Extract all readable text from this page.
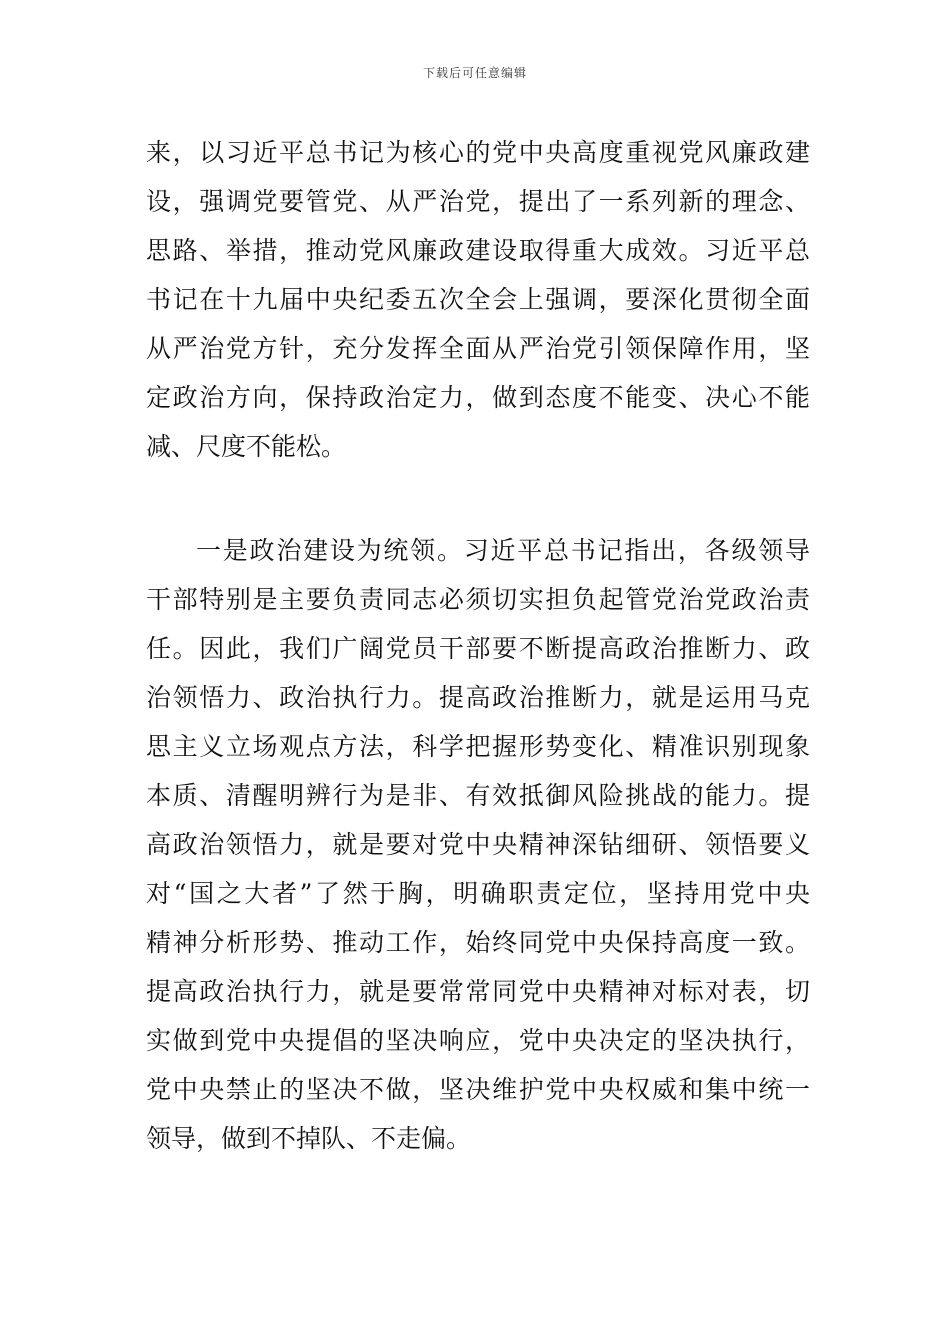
下载后可任意编辑
来，以习近平总书记为核心的党中央高度重视党风廉政建
设，强调党要管党、从严治党，提出了一系列新的理念、
思路、举措，推动党风廉政建设取得重大成效。习近平总
书记在十九届中央纪委五次全会上强调，要深化贯彻全面
从严治党方针，充分发挥全面从严治党引领保障作用，坚
定政治方向，保持政治定力，做到态度不能变、决心不能
减、尺度不能松。
一是政治建设为统领。习近平总书记指出，各级领导
干部特别是主要负责同志必须切实担负起管党治党政治责
任。因此，我们广阔党员干部要不断提高政治推断力、政
治领悟力、政治执行力。提高政治推断力，就是运用马克
思主义立场观点方法，科学把握形势变化、精准识别现象
本质、清醒明辨行为是非、有效抵御风险挑战的能力。提
高政治领悟力，就是要对党中央精神深钻细研、领悟要义
对“国之大者”了然于胸，明确职责定位，坚持用党中央
精神分析形势、推动工作，始终同党中央保持高度一致。
提高政治执行力，就是要常常同党中央精神对标对表，切
实做到党中央提倡的坚决响应，党中央决定的坚决执行，
党中央禁止的坚决不做，坚决维护党中央权威和集中统一
领导，做到不掉队、不走偏。
